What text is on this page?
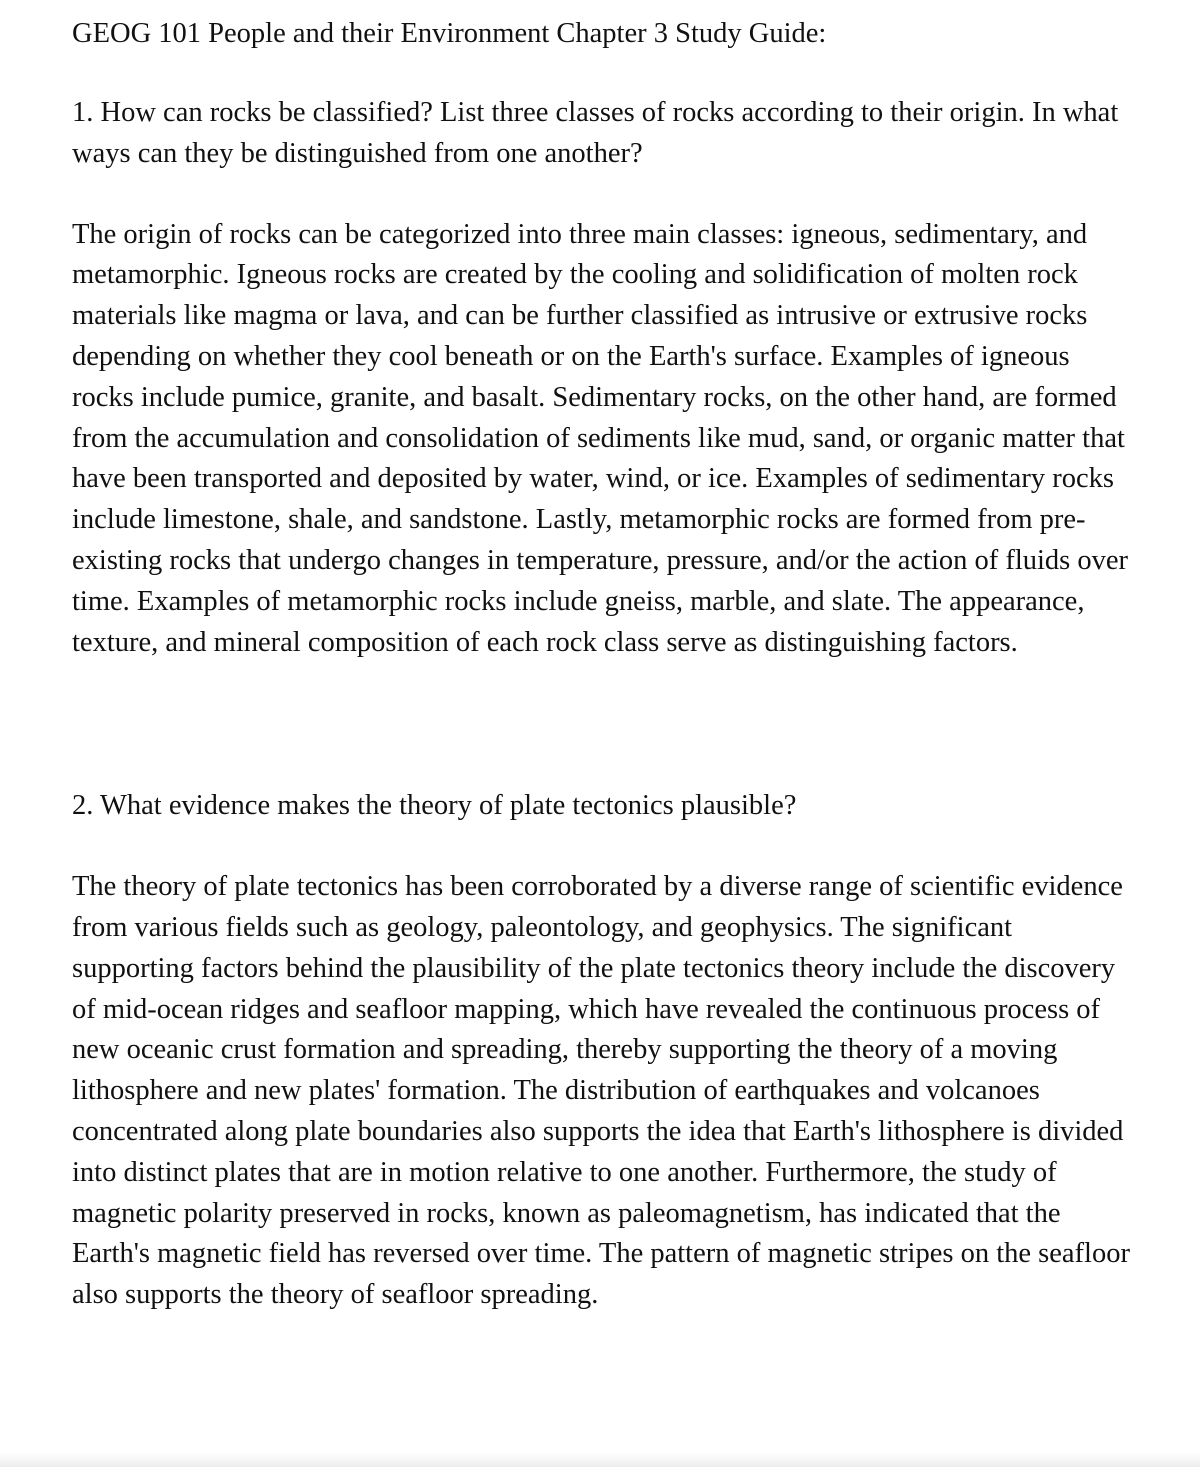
GEOG 101 People and their Environment Chapter 3 Study Guide:

1. How can rocks be classified? List three classes of rocks according to their origin. In what ways can they be distinguished from one another?

The origin of rocks can be categorized into three main classes: igneous, sedimentary, and metamorphic. Igneous rocks are created by the cooling and solidification of molten rock materials like magma or lava, and can be further classified as intrusive or extrusive rocks depending on whether they cool beneath or on the Earth's surface. Examples of igneous rocks include pumice, granite, and basalt. Sedimentary rocks, on the other hand, are formed from the accumulation and consolidation of sediments like mud, sand, or organic matter that have been transported and deposited by water, wind, or ice. Examples of sedimentary rocks include limestone, shale, and sandstone. Lastly, metamorphic rocks are formed from pre-existing rocks that undergo changes in temperature, pressure, and/or the action of fluids over time. Examples of metamorphic rocks include gneiss, marble, and slate. The appearance, texture, and mineral composition of each rock class serve as distinguishing factors.

2. What evidence makes the theory of plate tectonics plausible?

The theory of plate tectonics has been corroborated by a diverse range of scientific evidence from various fields such as geology, paleontology, and geophysics. The significant supporting factors behind the plausibility of the plate tectonics theory include the discovery of mid-ocean ridges and seafloor mapping, which have revealed the continuous process of new oceanic crust formation and spreading, thereby supporting the theory of a moving lithosphere and new plates' formation. The distribution of earthquakes and volcanoes concentrated along plate boundaries also supports the idea that Earth's lithosphere is divided into distinct plates that are in motion relative to one another. Furthermore, the study of magnetic polarity preserved in rocks, known as paleomagnetism, has indicated that the Earth's magnetic field has reversed over time. The pattern of magnetic stripes on the seafloor also supports the theory of seafloor spreading.
